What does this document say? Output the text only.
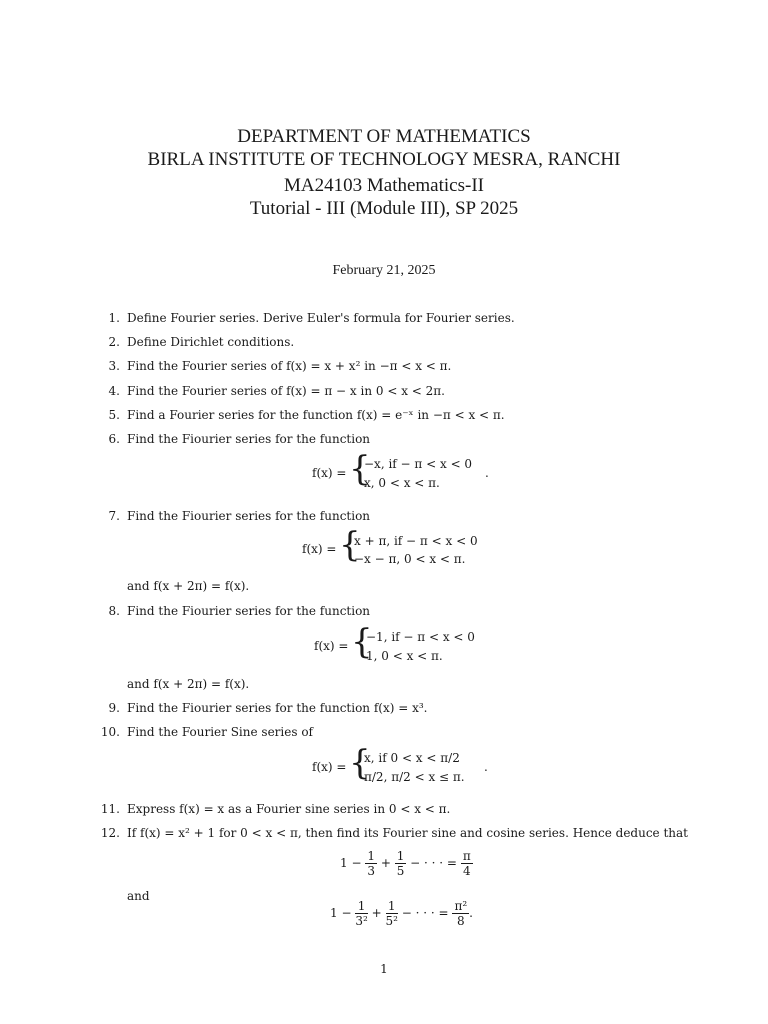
DEPARTMENT OF MATHEMATICS
BIRLA INSTITUTE OF TECHNOLOGY MESRA, RANCHI
MA24103 Mathematics-II
Tutorial - III (Module III), SP 2025
February 21, 2025
1. Define Fourier series. Derive Euler's formula for Fourier series.
2. Define Dirichlet conditions.
3. Find the Fourier series of f(x) = x + x² in −π < x < π.
4. Find the Fourier series of f(x) = π − x in 0 < x < 2π.
5. Find a Fourier series for the function f(x) = e⁻ˣ in −π < x < π.
6. Find the Fiourier series for the function
f(x) = {
−x, if − π < x < 0
x, 0 < x < π.
.
7. Find the Fiourier series for the function
f(x) = {
x + π, if − π < x < 0
−x − π, 0 < x < π.
and f(x + 2π) = f(x).
8. Find the Fiourier series for the function
f(x) = {
−1, if − π < x < 0
1, 0 < x < π.
and f(x + 2π) = f(x).
9. Find the Fiourier series for the function f(x) = x³.
10. Find the Fourier Sine series of
f(x) = {
x, if 0 < x < π/2
π/2, π/2 < x ≤ π.
.
11. Express f(x) = x as a Fourier sine series in 0 < x < π.
12. If f(x) = x² + 1 for 0 < x < π, then find its Fourier sine and cosine series. Hence deduce that
$1 - \frac{1}{3} + \frac{1}{5}$ − · · · = $\frac{\pi}{4}$
and
$1 - \frac{1}{\text{3²}} + \frac{1}{\text{5²}}$ − · · · = $\frac{\text{π²}}{8}$ .
1
